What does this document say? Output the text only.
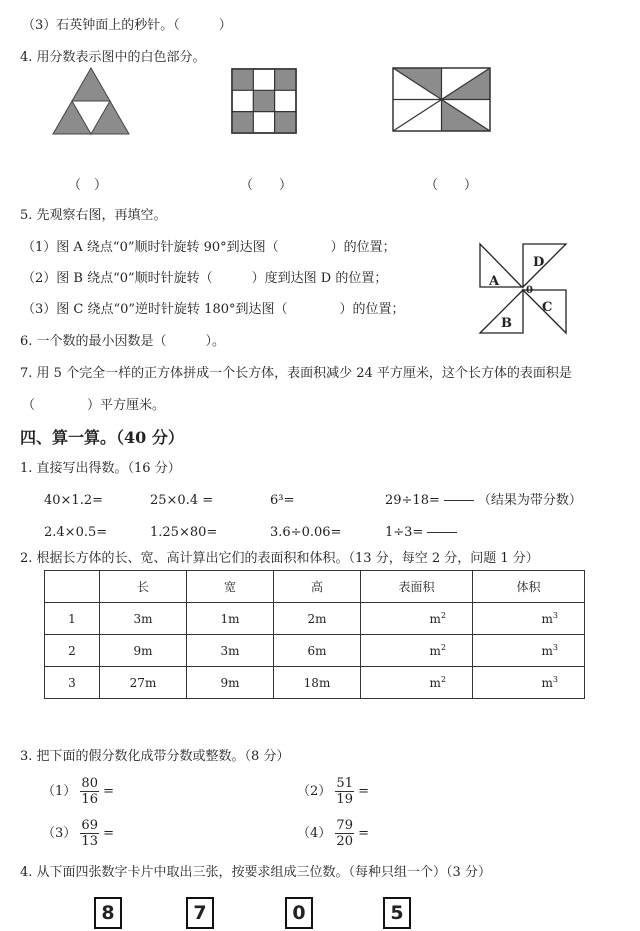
（3）石英钟面上的秒针。（　　　）
4. 用分数表示图中的白色部分。
（　）	（　　）	（　　）
5. 先观察右图，再填空。
（1）图 A 绕点“0”顺时针旋转 90°到达图（　　　　）的位置；
（2）图 B 绕点“0”顺时针旋转（　　　）度到达图 D 的位置；
（3）图 C 绕点“0”逆时针旋转 180°到达图（　　　　）的位置；
A
D
C
B
0
6. 一个数的最小因数是（　　　）。
7. 用 5 个完全一样的正方体拼成一个长方体，表面积减少 24 平方厘米，这个长方体的表面积是
（　　　　）平方厘米。
四、算一算。（40 分）
1. 直接写出得数。（16 分）
40×1.2=	25×0.4 =	6³=	29÷18=	（结果为带分数）
2.4×0.5=	1.25×80=	3.6÷0.06=	1÷3=
2. 根据长方体的长、宽、高计算出它们的表面积和体积。（13 分，每空 2 分，问题 1 分）
	长	宽	高	表面积	体积
1	3m	1m	2m	$m^2$	$m^3$
2	9m	3m	6m	$m^2$	$m^3$
3	27m	9m	18m	$m^2$	$m^3$
3. 把下面的假分数化成带分数或整数。（8 分）
$(1) \frac{80}{16}$ =	$(2) \frac{51}{19}$ =
$(3) \frac{69}{13}$ =	$(4) \frac{79}{20}$ =
4. 从下面四张数字卡片中取出三张，按要求组成三位数。（每种只组一个）（3 分）
8	7	0	5
